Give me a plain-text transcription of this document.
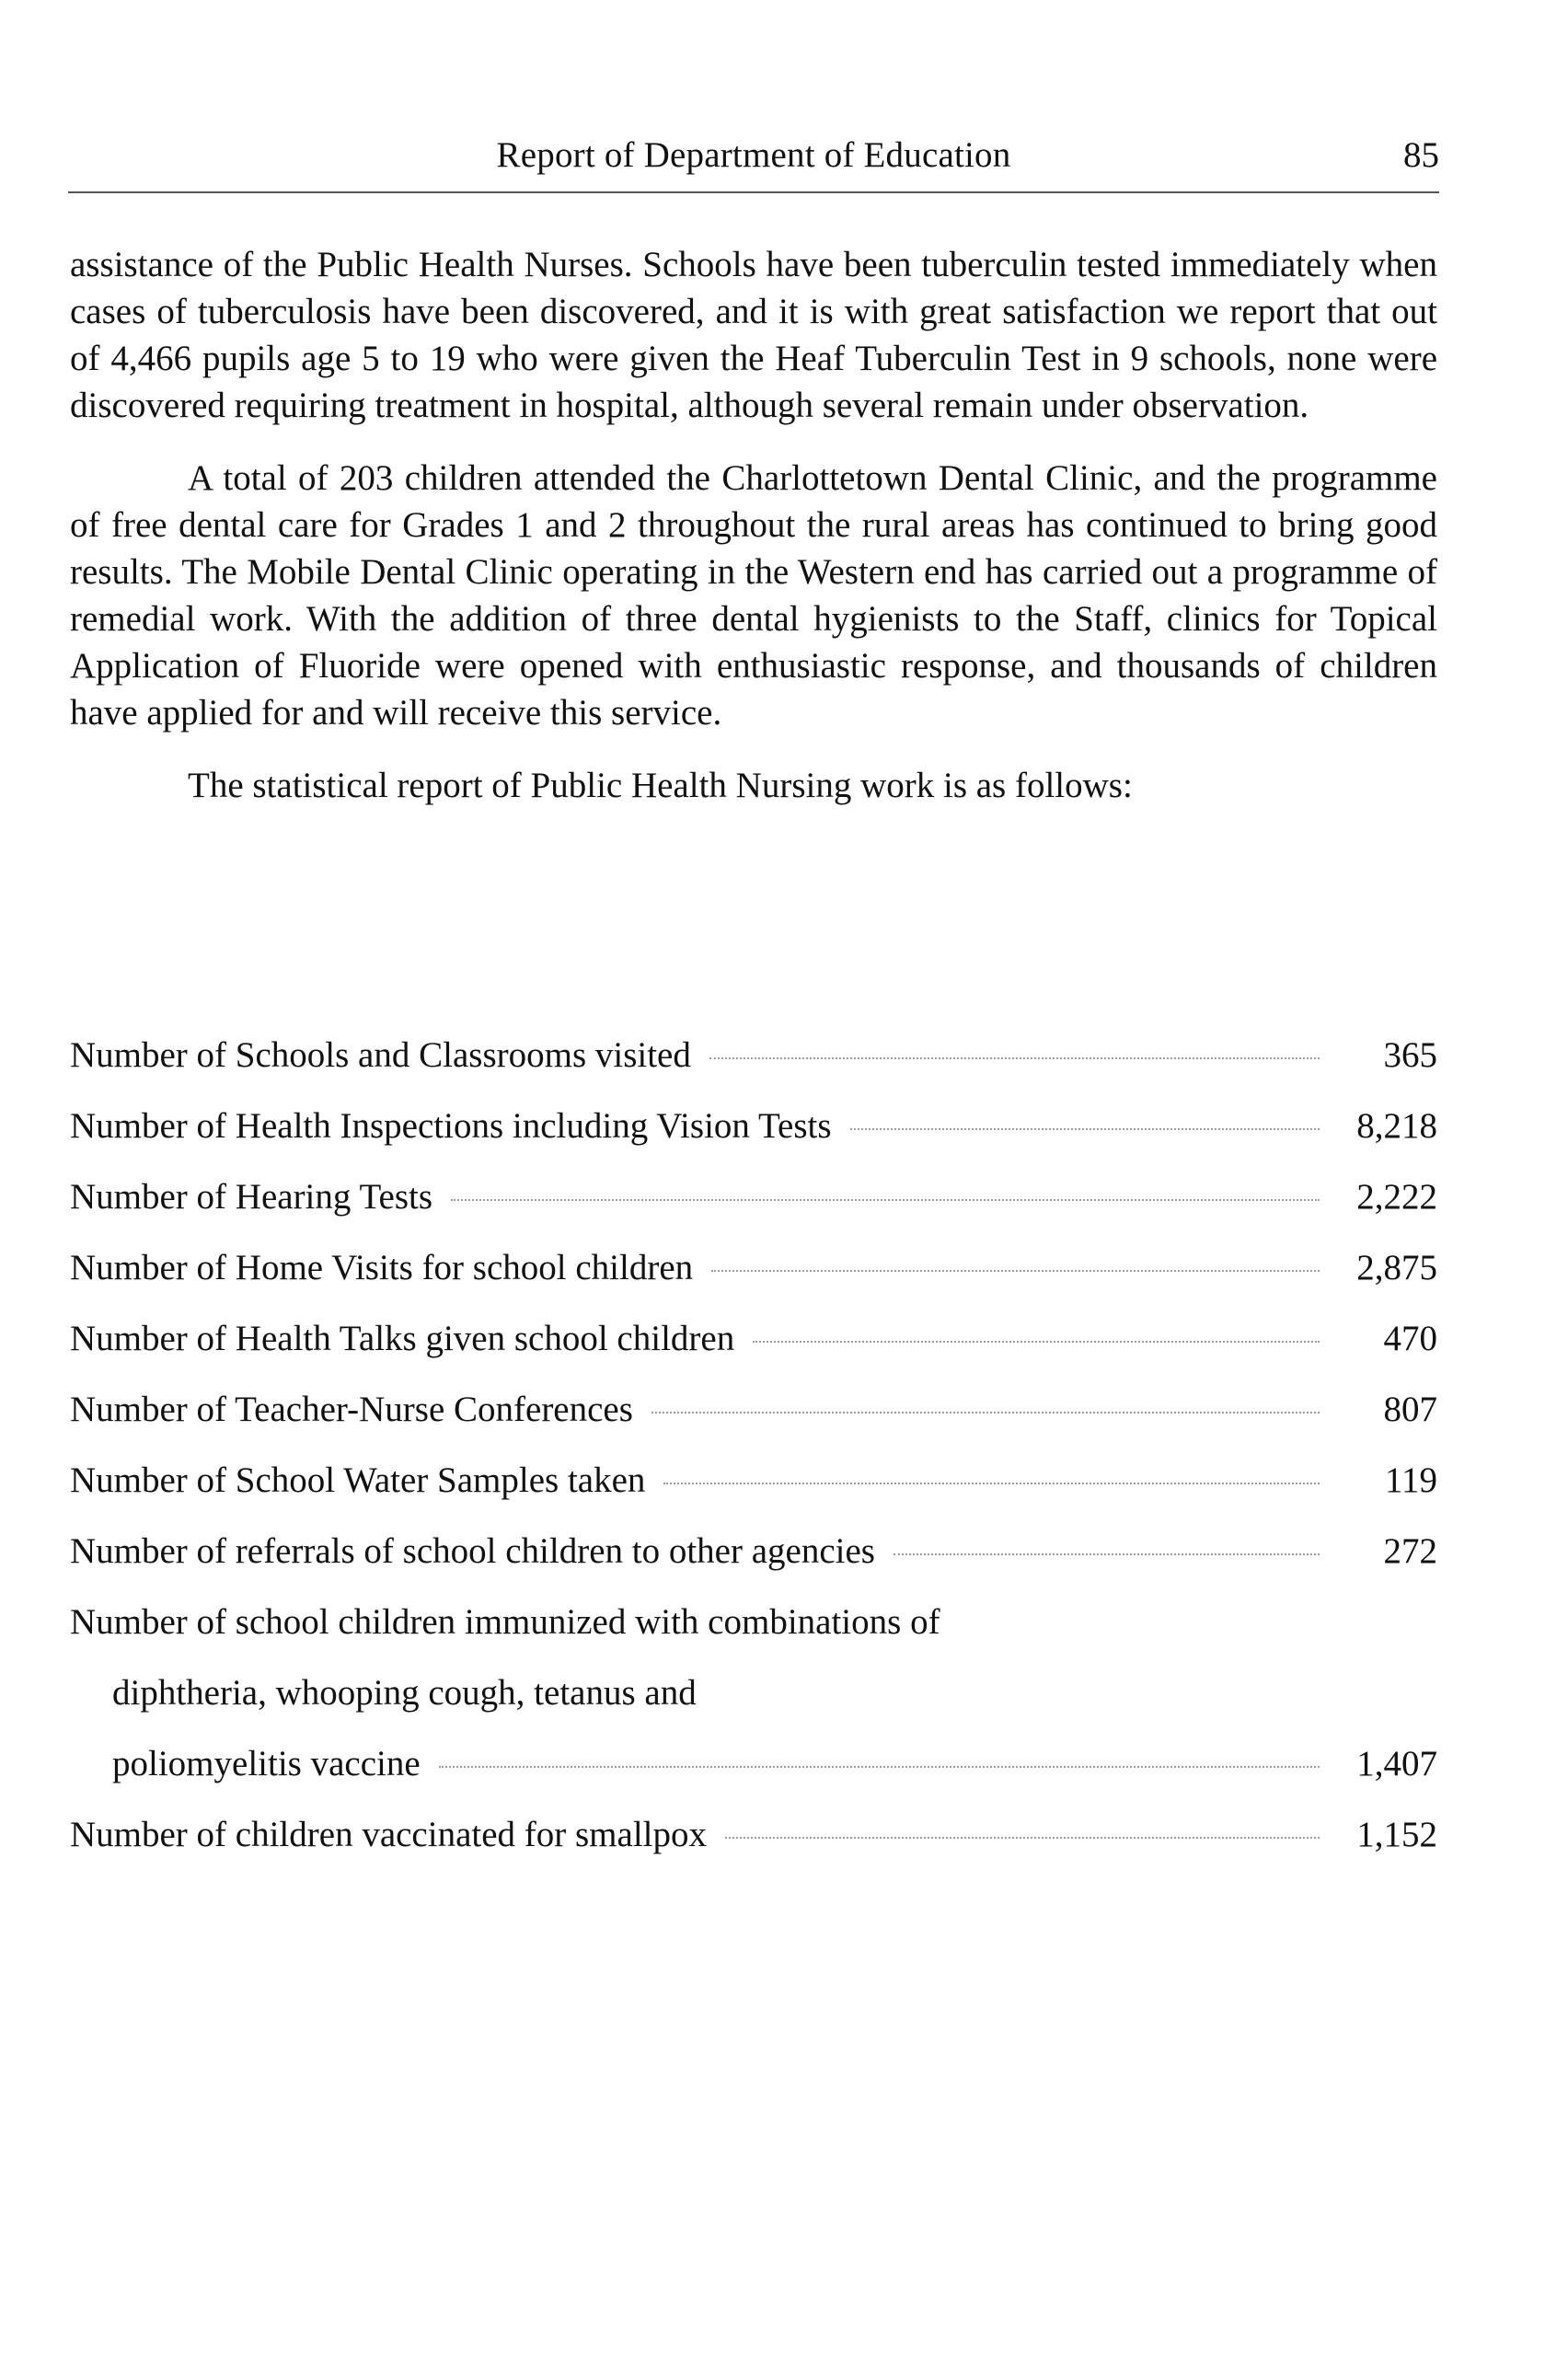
Report of Department of Education	85

assistance of the Public Health Nurses. Schools have been tuberculin tested immediately when cases of tuberculosis have been discovered, and it is with great satisfaction we report that out of 4,466 pupils age 5 to 19 who were given the Heaf Tuberculin Test in 9 schools, none were discovered requiring treatment in hospital, although several remain under observation.

A total of 203 children attended the Charlottetown Dental Clinic, and the programme of free dental care for Grades 1 and 2 throughout the rural areas has continued to bring good results. The Mobile Dental Clinic operating in the Western end has carried out a programme of remedial work. With the addition of three dental hygienists to the Staff, clinics for Topical Application of Fluoride were opened with enthusiastic response, and thousands of children have applied for and will receive this service.

The statistical report of Public Health Nursing work is as follows:

Number of Schools and Classrooms visited	365
Number of Health Inspections including Vision Tests	8,218
Number of Hearing Tests	2,222
Number of Home Visits for school children	2,875
Number of Health Talks given school children	470
Number of Teacher-Nurse Conferences	807
Number of School Water Samples taken	119
Number of referrals of school children to other agencies	272
Number of school children immunized with combinations of
diphtheria, whooping cough, tetanus and
poliomyelitis vaccine	1,407
Number of children vaccinated for smallpox	1,152
